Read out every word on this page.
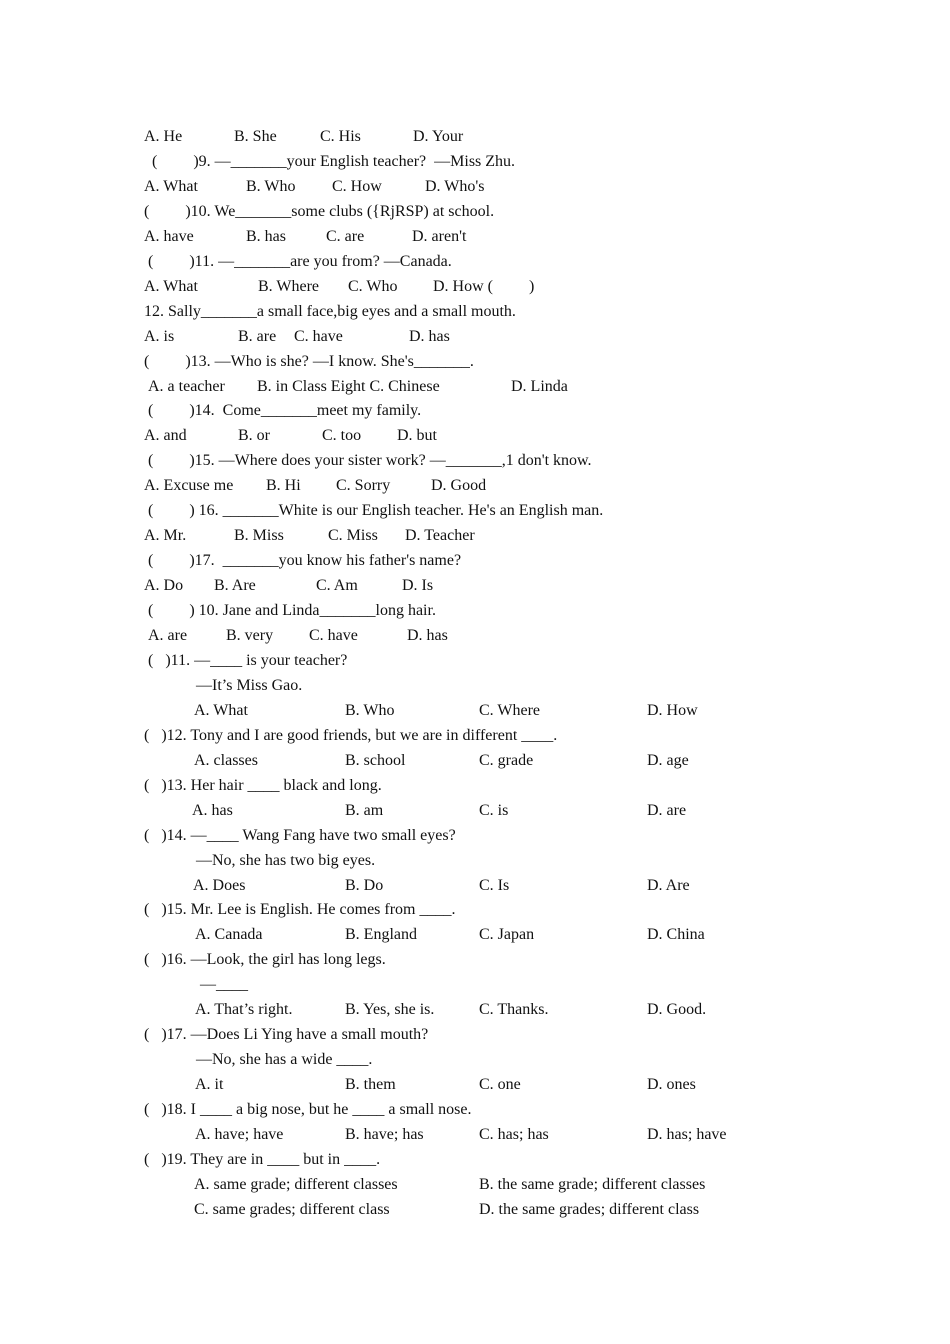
A. He	B. She	C. His	D. Your
(         )9. —_______your English teacher?  —Miss Zhu.
A. What	B. Who C. How	D. Who's
(         )10. We_______some clubs ({RjRSP) at school.
A. have	B. has	C. are	D. aren't
(         )11. —_______are you from? —Canada.
A. What	B. Where C. Who D. How (         )
12. Sally_______a small face,big eyes and a small mouth.
A. is	B. are C. have	D. has
(         )13. —Who is she? —I know. She's_______.
A. a teacher B. in Class Eight C. Chinese	D. Linda
(         )14.  Come_______meet my family.
A. and	B. or	C. too D. but
(         )15. —Where does your sister work? —_______,1 don't know.
A. Excuse me B. Hi C. Sorry	D. Good
(         ) 16. _______White is our English teacher. He's an English man.
A. Mr.	B. Miss	C. Miss D. Teacher
(         )17.  _______you know his father's name?
A. Do B. Are	C. Am	D. Is
(         ) 10. Jane and Linda_______long hair.
A. are B. very C. have	D. has
(   )11. —____ is your teacher?
—It’s Miss Gao.
A. What	B. Who	C. Where	D. How
(   )12. Tony and I are good friends, but we are in different ____.
A. classes	B. school	C. grade	D. age
(   )13. Her hair ____ black and long.
A. has	B. am	C. is	D. are
(   )14. —____ Wang Fang have two small eyes?
—No, she has two big eyes.
A. Does	B. Do	C. Is	D. Are
(   )15. Mr. Lee is English. He comes from ____.
A. Canada	B. England	C. Japan	D. China
(   )16. —Look, the girl has long legs.
—____
A. That’s right.	B. Yes, she is.	C. Thanks.	D. Good.
(   )17. —Does Li Ying have a small mouth?
—No, she has a wide ____.
A. it	B. them	C. one	D. ones
(   )18. I ____ a big nose, but he ____ a small nose.
A. have; have	B. have; has	C. has; has	D. has; have
(   )19. They are in ____ but in ____.
A. same grade; different classes	B. the same grade; different classes
C. same grades; different class	D. the same grades; different class
